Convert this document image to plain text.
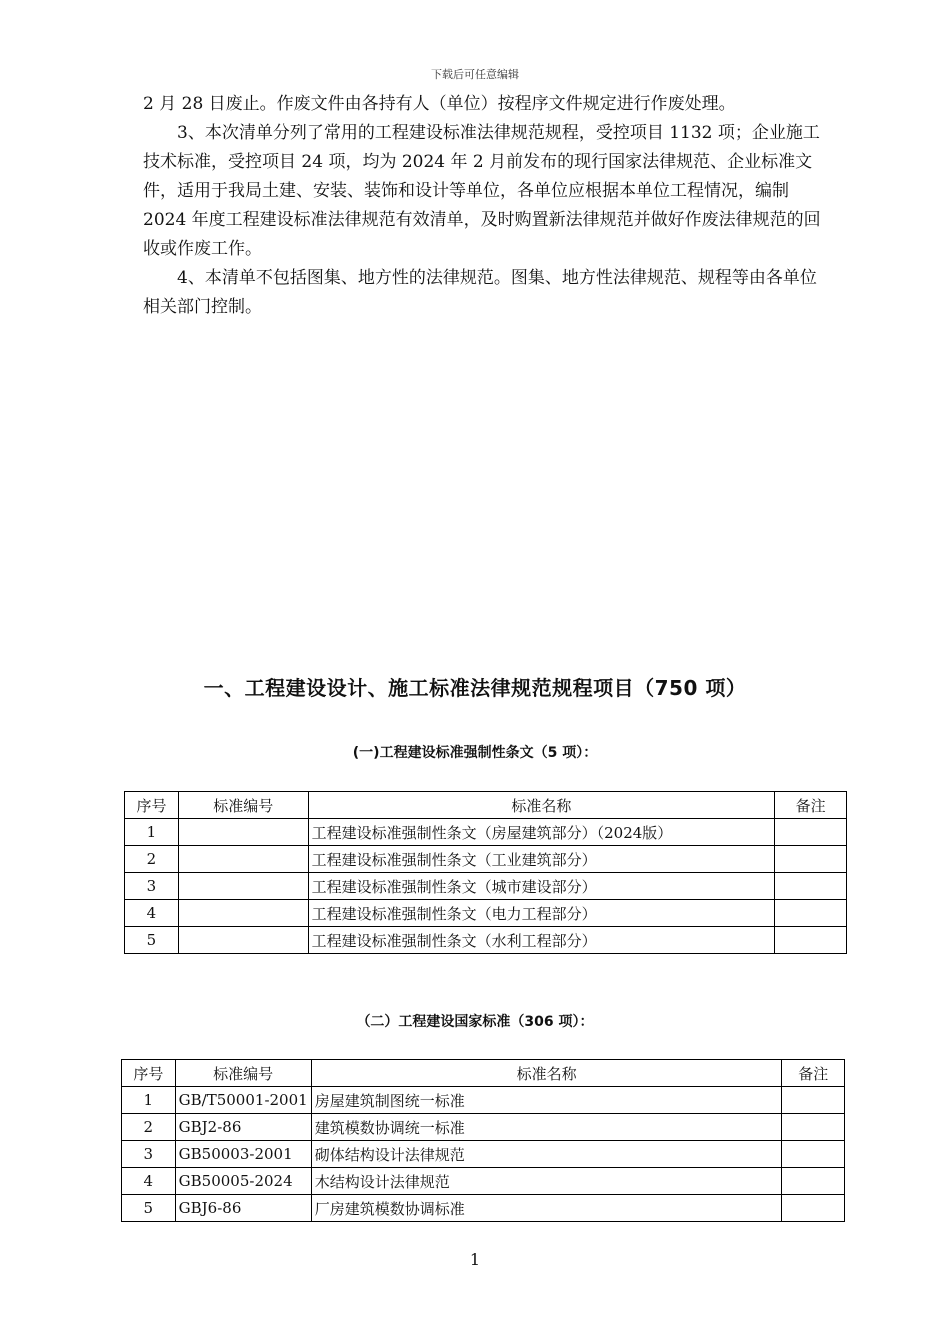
下载后可任意编辑

2 月 28 日废止。作废文件由各持有人（单位）按程序文件规定进行作废处理。

3、本次清单分列了常用的工程建设标准法律规范规程，受控项目 1132 项；企业施工技术标准，受控项目 24 项，均为 2024 年 2 月前发布的现行国家法律规范、企业标准文件，适用于我局土建、安装、装饰和设计等单位，各单位应根据本单位工程情况，编制 2024 年度工程建设标准法律规范有效清单，及时购置新法律规范并做好作废法律规范的回收或作废工作。

4、本清单不包括图集、地方性的法律规范。图集、地方性法律规范、规程等由各单位相关部门控制。

一、工程建设设计、施工标准法律规范规程项目（750 项）
(一)工程建设标准强制性条文（5 项）：
序号	标准编号	标准名称	备注
1		工程建设标准强制性条文（房屋建筑部分）（2024版）	
2		工程建设标准强制性条文（工业建筑部分）	
3		工程建设标准强制性条文（城市建设部分）	
4		工程建设标准强制性条文（电力工程部分）	
5		工程建设标准强制性条文（水利工程部分）	
（二）工程建设国家标准（306 项）：
序号	标准编号	标准名称	备注
1	GB/T50001-2001	房屋建筑制图统一标准	
2	GBJ2-86	建筑模数协调统一标准	
3	GB50003-2001	砌体结构设计法律规范	
4	GB50005-2024	木结构设计法律规范	
5	GBJ6-86	厂房建筑模数协调标准	
1
